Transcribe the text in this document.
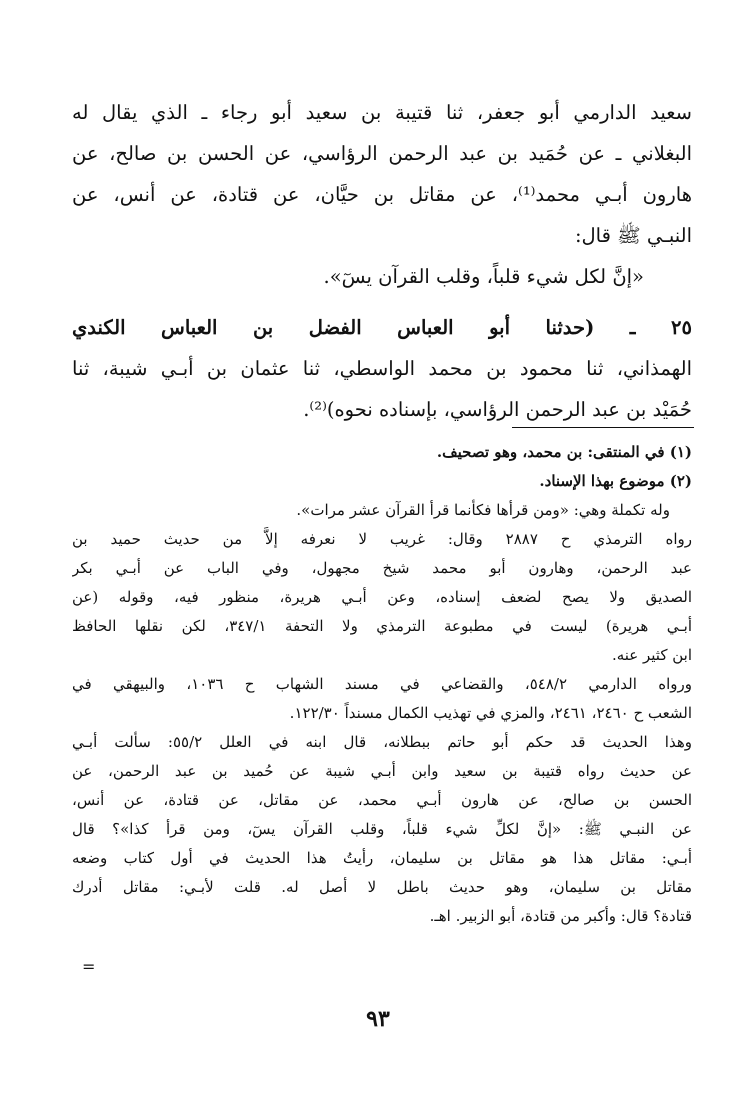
سعيد الدارمي أبو جعفر، ثنا قتيبة بن سعيد أبو رجاء ـ الذي يقال له
البغلاني ـ عن حُمَيد بن عبد الرحمن الرؤاسي، عن الحسن بن صالح، عن
هارون أبـي محمد⁽¹⁾، عن مقاتل بن حيَّان، عن قتادة، عن أنس، عن
النبـي ﷺ قال:
«إنَّ لكل شيء قلباً، وقلب القرآن يسٓ».
٢٥ ـ (حدثنا أبو العباس الفضل بن العباس الكندي
الهمذاني، ثنا محمود بن محمد الواسطي، ثنا عثمان بن أبـي شيبة، ثنا
حُمَيْد بن عبد الرحمن الرؤاسي، بإسناده نحوه)⁽²⁾.
(١) في المنتقى: بن محمد، وهو تصحيف.
(٢) موضوع بهذا الإسناد.
وله تكملة وهي: «ومن قرأها فكأنما قرأ القرآن عشر مرات».
رواه الترمذي ح ٢٨٨٧ وقال: غريب لا نعرفه إلاَّ من حديث حميد بن
عبد الرحمن، وهارون أبو محمد شيخ مجهول، وفي الباب عن أبـي بكر
الصديق ولا يصح لضعف إسناده، وعن أبـي هريرة، منظور فيه، وقوله (عن
أبـي هريرة) ليست في مطبوعة الترمذي ولا التحفة ٣٤٧/١، لكن نقلها الحافظ
ابن كثير عنه.
ورواه الدارمي ٥٤٨/٢، والقضاعي في مسند الشهاب ح ١٠٣٦، والبيهقي في
الشعب ح ٢٤٦٠، ٢٤٦١، والمزي في تهذيب الكمال مسنداً ١٢٢/٣٠.
وهذا الحديث قد حكم أبو حاتم ببطلانه، قال ابنه في العلل ٥٥/٢: سألت أبـي
عن حديث رواه قتيبة بن سعيد وابن أبـي شيبة عن حُميد بن عبد الرحمن، عن
الحسن بن صالح، عن هارون أبـي محمد، عن مقاتل، عن قتادة، عن أنس،
عن النبـي ﷺ: «إنَّ لكلِّ شيء قلباً، وقلب القرآن يسٓ، ومن قرأ كذا»؟ قال
أبـي: مقاتل هذا هو مقاتل بن سليمان، رأيتُ هذا الحديث في أول كتاب وضعه
مقاتل بن سليمان، وهو حديث باطل لا أصل له. قلت لأبـي: مقاتل أدرك
قتادة؟ قال: وأكبر من قتادة، أبو الزبير. اهـ.
=
٩٣
